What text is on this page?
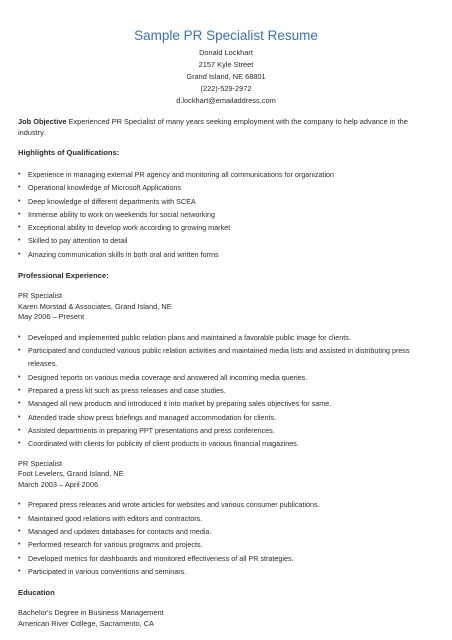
Sample PR Specialist Resume
Donald Lockhart
2157 Kyle Street
Grand Island, NE 68801
(222)-529-2972
d.lockhart@emailaddress.com
Job Objective Experienced PR Specialist of many years seeking employment with the company to help advance in the industry.
Highlights of Qualifications:
• Experience in managing external PR agency and monitoring all communications for organization
• Operational knowledge of Microsoft Applications
• Deep knowledge of different departments with SCEA
• Immense ability to work on weekends for social networking
• Exceptional ability to develop work according to growing market
• Skilled to pay attention to detail
• Amazing communication skills in both oral and written forms
Professional Experience:
PR Specialist
Karen Morstad & Associates, Grand Island, NE
May 2006 – Present
• Developed and implemented public relation plans and maintained a favorable public image for clients.
• Participated and conducted various public relation activities and maintained media lists and assisted in distributing press releases.
• Designed reports on various media coverage and answered all incoming media queries.
• Prepared a press kit such as press releases and case studies.
• Managed all new products and introduced it into market by preparing sales objectives for same.
• Attended trade show press briefings and managed accommodation for clients.
• Assisted departments in preparing PPT presentations and press conferences.
• Coordinated with clients for publicity of client products in various financial magazines.
PR Specialist
Foot Levelers, Grand Island, NE
March 2003 – April 2006
• Prepared press releases and wrote articles for websites and various consumer publications.
• Maintained good relations with editors and contractors.
• Managed and updates databases for contacts and media.
• Performed research for various programs and projects.
• Developed metrics for dashboards and monitored effectiveness of all PR strategies.
• Participated in various conventions and seminars.
Education
Bachelor's Degree in Business Management
American River College, Sacramento, CA
